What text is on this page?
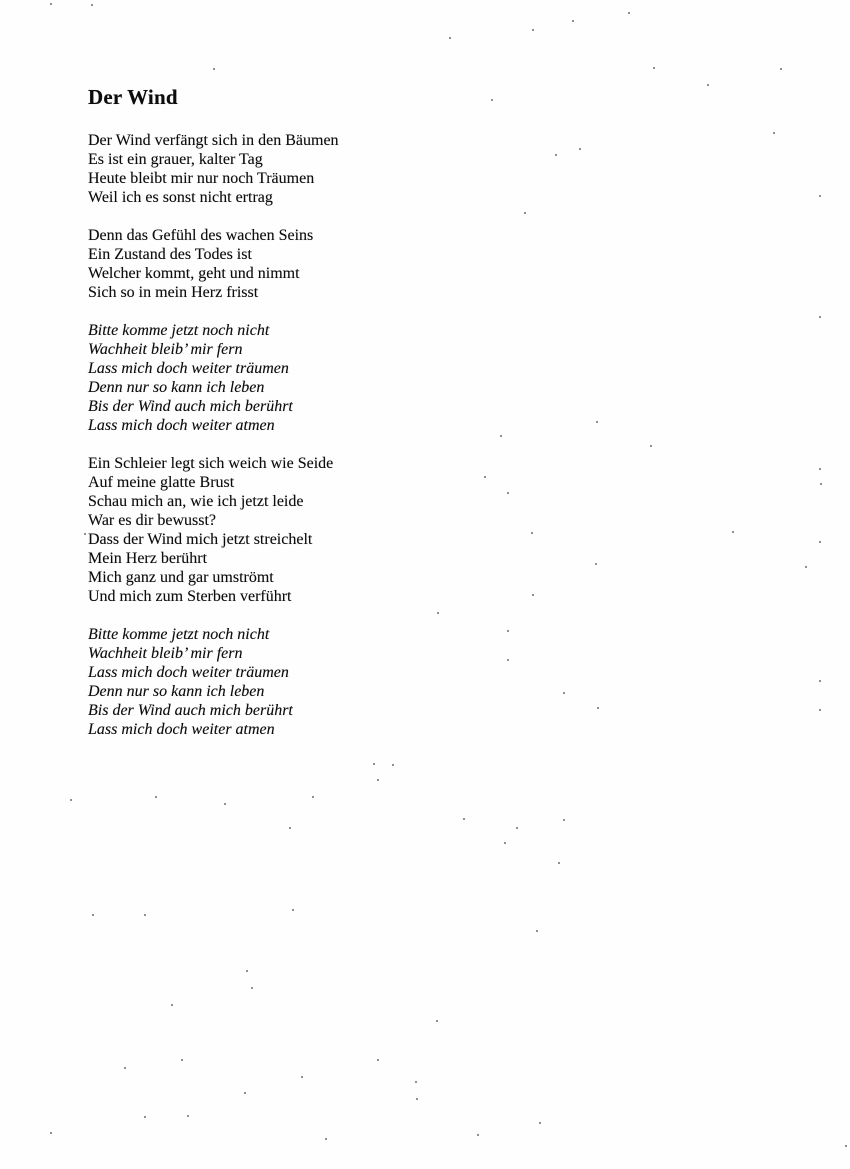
Der Wind

Der Wind verfängt sich in den Bäumen
Es ist ein grauer, kalter Tag
Heute bleibt mir nur noch Träumen
Weil ich es sonst nicht ertrag

Denn das Gefühl des wachen Seins
Ein Zustand des Todes ist
Welcher kommt, geht und nimmt
Sich so in mein Herz frisst

Bitte komme jetzt noch nicht
Wachheit bleib’ mir fern
Lass mich doch weiter träumen
Denn nur so kann ich leben
Bis der Wind auch mich berührt
Lass mich doch weiter atmen

Ein Schleier legt sich weich wie Seide
Auf meine glatte Brust
Schau mich an, wie ich jetzt leide
War es dir bewusst?
Dass der Wind mich jetzt streichelt
Mein Herz berührt
Mich ganz und gar umströmt
Und mich zum Sterben verführt

Bitte komme jetzt noch nicht
Wachheit bleib’ mir fern
Lass mich doch weiter träumen
Denn nur so kann ich leben
Bis der Wind auch mich berührt
Lass mich doch weiter atmen
